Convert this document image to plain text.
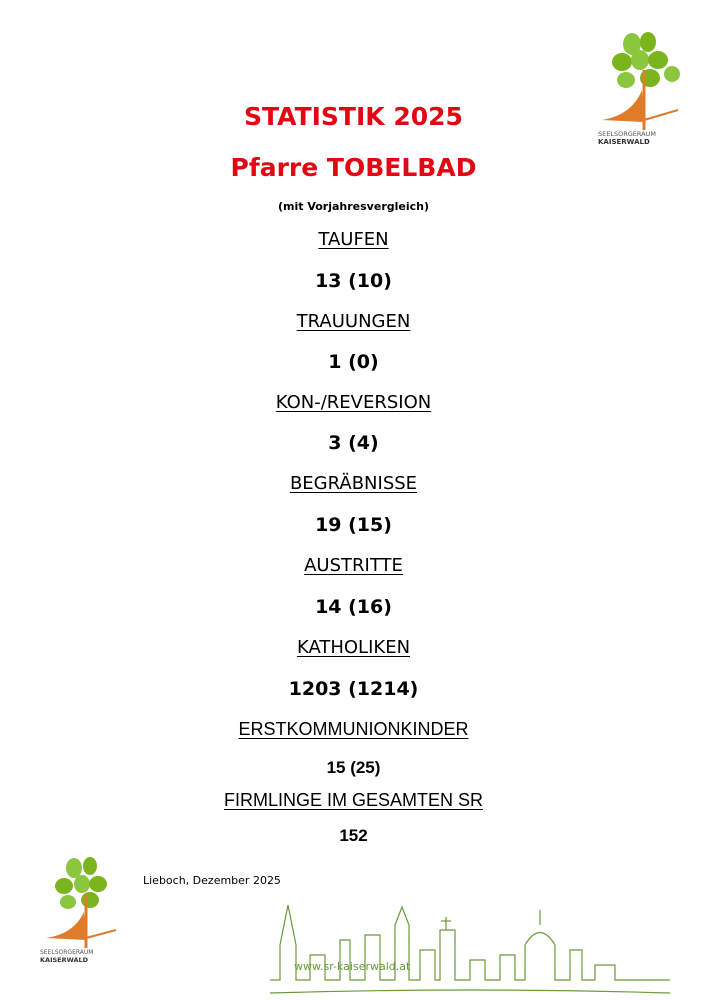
SEELSORGERAUM
KAISERWALD
STATISTIK 2025
Pfarre TOBELBAD
(mit Vorjahresvergleich)
TAUFEN
13 (10)
TRAUUNGEN
1 (0)
KON-/REVERSION
3 (4)
BEGRÄBNISSE
19 (15)
AUSTRITTE
14 (16)
KATHOLIKEN
1203 (1214)
ERSTKOMMUNIONKINDER
15 (25)
FIRMLINGE IM GESAMTEN SR
152
SEELSORGERAUM
KAISERWALD
Lieboch, Dezember 2025
www.sr-kaiserwald.at
